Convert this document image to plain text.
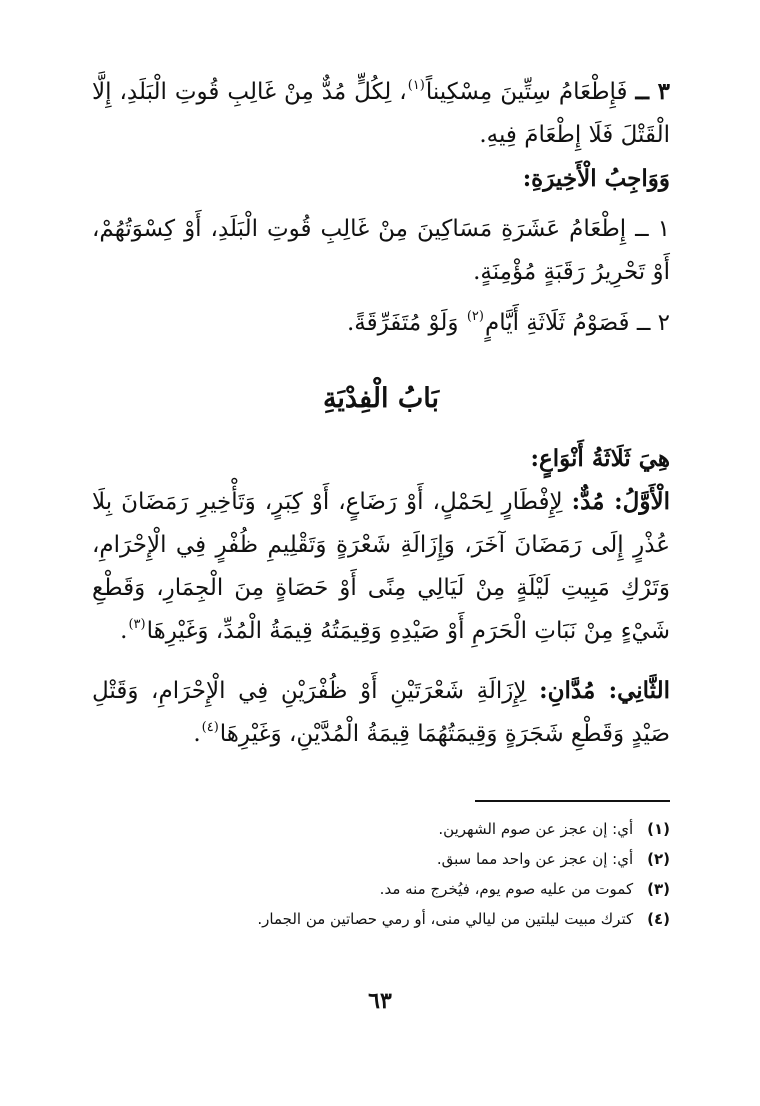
٣ ــ فَإِطْعَامُ سِتِّينَ مِسْكِيناً$^{(١)}$، لِكُلٍّ مُدٌّ مِنْ غَالِبِ قُوتِ الْبَلَدِ، إِلَّا الْقَتْلَ فَلَا إِطْعَامَ فِيهِ.

وَوَاجِبُ الْأَخِيرَةِ:

١ ــ إِطْعَامُ عَشَرَةِ مَسَاكِينَ مِنْ غَالِبِ قُوتِ الْبَلَدِ، أَوْ كِسْوَتُهُمْ، أَوْ تَحْرِيرُ رَقَبَةٍ مُؤْمِنَةٍ.

٢ ــ فَصَوْمُ ثَلَاثَةِ أَيَّامٍ$^{(٢)}$ وَلَوْ مُتَفَرِّقَةً.

بَابُ الْفِدْيَةِ

هِيَ ثَلَاثَةُ أَنْوَاعٍ:

الْأَوَّلُ: مُدٌّ: لِإِفْطَارٍ لِحَمْلٍ، أَوْ رَضَاعٍ، أَوْ كِبَرٍ، وَتَأْخِيرِ رَمَضَانَ بِلَا عُذْرٍ إِلَى رَمَضَانَ آخَرَ، وَإِزَالَةِ شَعْرَةٍ وَتَقْلِيمِ ظُفْرٍ فِي الْإِحْرَامِ، وَتَرْكِ مَبِيتِ لَيْلَةٍ مِنْ لَيَالِي مِنًى أَوْ حَصَاةٍ مِنَ الْجِمَارِ، وَقَطْعِ شَيْءٍ مِنْ نَبَاتِ الْحَرَمِ أَوْ صَيْدِهِ وَقِيمَتُهُ قِيمَةُ الْمُدِّ، وَغَيْرِهَا$^{(٣)}$.

الثَّانِي: مُدَّانِ: لِإِزَالَةِ شَعْرَتَيْنِ أَوْ ظُفْرَيْنِ فِي الْإِحْرَامِ، وَقَتْلِ صَيْدٍ وَقَطْعِ شَجَرَةٍ وَقِيمَتُهُمَا قِيمَةُ الْمُدَّيْنِ، وَغَيْرِهَا$^{(٤)}$.

(١)أي: إن عجز عن صوم الشهرين.
(٢)أي: إن عجز عن واحد مما سبق.
(٣)كموت من عليه صوم يوم، فيُخرج منه مد.
(٤)كترك مبيت ليلتين من ليالي منى، أو رمي حصاتين من الجمار.
٦٣
